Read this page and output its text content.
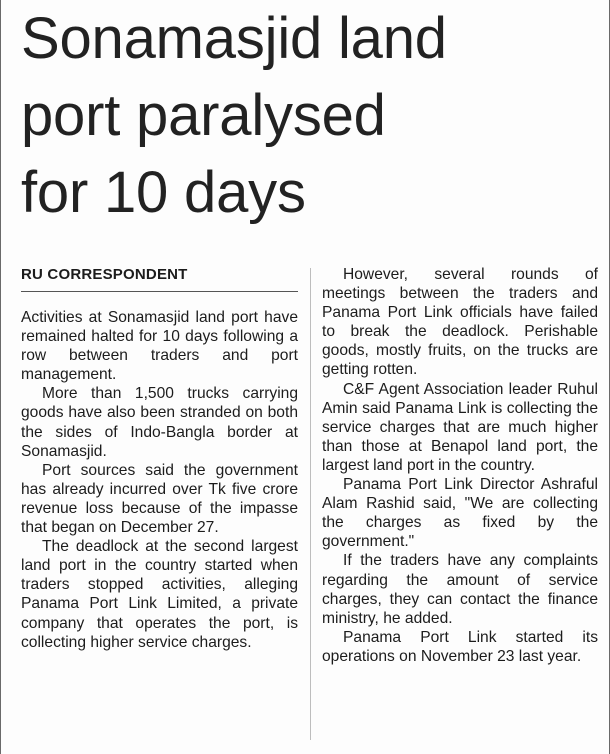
Sonamasjid land
port paralysed
for 10 days
RU CORRESPONDENT

Activities at Sonamasjid land port have remained halted for 10 days following a row between traders and port management.

More than 1,500 trucks carrying goods have also been stranded on both the sides of Indo-Bangla border at Sonamasjid.

Port sources said the government has already incurred over Tk five crore revenue loss because of the impasse that began on December 27.

The deadlock at the second largest land port in the country started when traders stopped activities, alleging Panama Port Link Limited, a private company that operates the port, is collecting higher service charges.

However, several rounds of meetings between the traders and Panama Port Link officials have failed to break the deadlock. Perishable goods, mostly fruits, on the trucks are getting rotten.

C&F Agent Association leader Ruhul Amin said Panama Link is collecting the service charges that are much higher than those at Benapol land port, the largest land port in the country.

Panama Port Link Director Ashraful Alam Rashid said, "We are collecting the charges as fixed by the government."

If the traders have any complaints regarding the amount of service charges, they can contact the finance ministry, he added.

Panama Port Link started its operations on November 23 last year.
